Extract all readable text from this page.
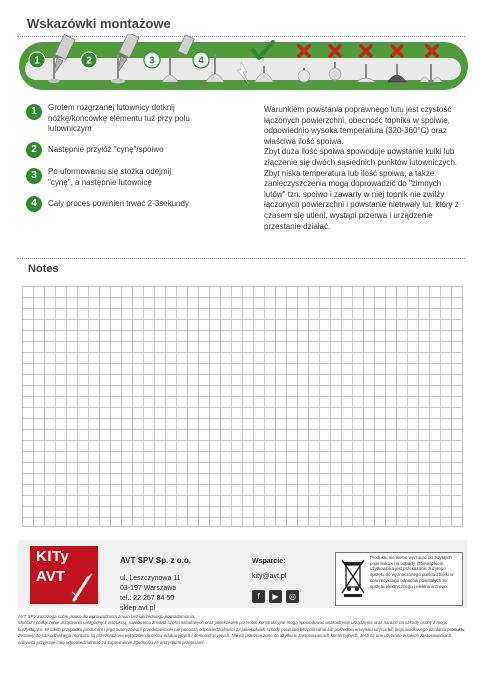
Wskazówki montażowe
1	2	3	4
1	Grotem rozgrzanej lutownicy dotknij nóżkę/końcówkę elementu tuż przy polu lutowniczym
2	Następnie przyłóż "cynę"/spoiwo
3	Po uformowaniu się stożka odejmij "cynę", a następnie lutownicę
4	Cały proces powinien trwać 2-3sekundy

Warunkiem powstania poprawnego lutu jest czystość łączonych powierzchni, obecność topnika w spoiwie, odpowiednio wysoka temperatura (320-360°C) oraz właściwa ilość spoiwa.

Zbyt duża ilość spoiwa spowoduje powstanie kulki lub złączenie się dwóch sąsiednich punktów lutowniczych.

Zbyt niska temperatura lub ilość spoiwa, a także zanieczyszczenia mogą doprowadzić do "zimnych lutów" tzn. spoiwo i zawarty w niej topnik nie zwilży łączonych powierzchni i powstanie nietrwały lut, który z czasem się utleni, wystąpi przerwa i urządzenie przestanie działać.

Notes
KITy
AVT
AVT SPV Sp. z o.o.
ul. Leszczynowa 11
03-197 Warszawa
tel.: 22 257 84 50
sklep.avt.pl
Wsparcie:
kity@avt.pl
f	▶	◎
Produktu nie wolno wyrzucać do zwykłych pojemników na odpady. Obowiązkiem użytkownika jest przekazanie zużytego sprzętu do wyznaczonego punktu zbiórki w celu recyklingu odpadów powstałych ze sprzętu elektrycznego i elektronicznego.

AVT SPV zastrzega sobie prawo do wprowadzania zmian bez uprzedniego powiadamiania.

Montaż i podłączenie urządzenia niezgodny z instrukcją, samowolna zmiana części składowych oraz jakiekolwiek przeróbki konstrukcyjne mogą spowodować uszkodzenie urządzenia oraz narazić na szkodę osoby z niego korzystające. W takim przypadku producent i jego autoryzowani przedstawiciele nie ponoszą odpowiedzialności za jakiekolwiek szkody powstałe bezpośrednio lub pośrednio w wyniku użycia lub nieprawidłowego działania produktu.

Zestawy do samodzielnego montażu są przeznaczone wyłącznie do celów edukacyjnych i demonstracyjnych. Nie są przeznaczone do użytku w zastosowaniach komercyjnych. Jeśli są one używane w takich zastosowaniach, nabywca przyjmuje całą odpowiedzialność za zapewnienie zgodności ze wszystkimi przepisami.
